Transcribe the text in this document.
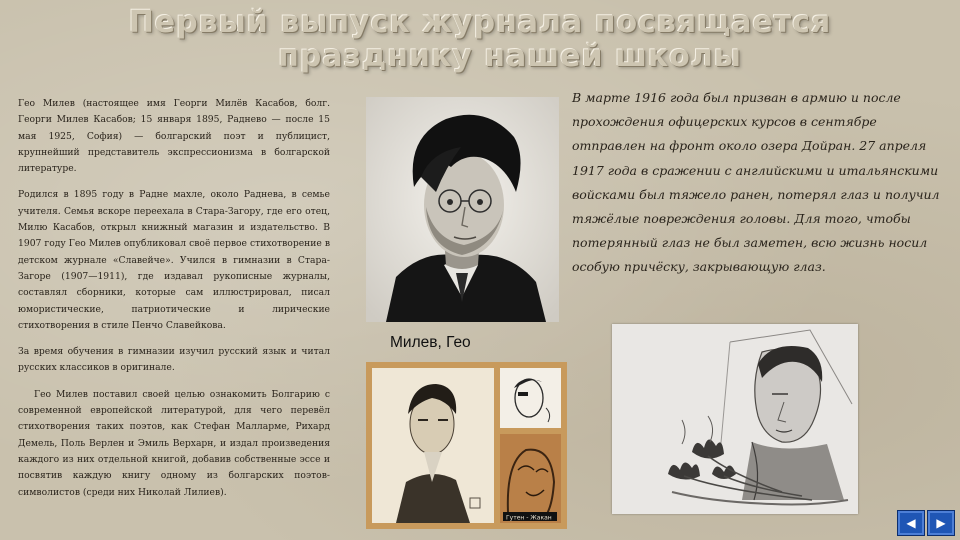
Первый выпуск журнала посвящается
празднику нашей школы

Гео Милев (настоящее имя Георги Милёв Касабов, болг. Георги Милев Касабов; 15 января 1895, Раднево — после 15 мая 1925, София) — болгарский поэт и публицист, крупнейший представитель экспрессионизма в болгарской литературе.

Родился в 1895 году в Радне махле, около Раднева, в семье учителя. Семья вскоре переехала в Стара-Загору, где его отец, Милю Касабов, открыл книжный магазин и издательство. В 1907 году Гео Милев опубликовал своё первое стихотворение в детском журнале «Славейче». Учился в гимназии в Стара-Загоре (1907—1911), где издавал рукописные журналы, составлял сборники, которые сам иллюстрировал, писал юмористические, патриотические и лирические стихотворения в стиле Пенчо Славейкова.

За время обучения в гимназии изучил русский язык и читал русских классиков в оригинале.

Гео Милев поставил своей целью ознакомить Болгарию с современной европейской литературой, для чего перевёл стихотворения таких поэтов, как Стефан Малларме, Рихард Демель, Поль Верлен и Эмиль Верхарн, и издал произведения каждого из них отдельной книгой, добавив собственные эссе и посвятив каждую книгу одному из болгарских поэтов-символистов (среди них Николай Лилиев).

В марте 1916 года был призван в армию и после прохождения офицерских курсов в сентябре отправлен на фронт около озера Дойран. 27 апреля 1917 года в сражении с английскими и итальянскими войсками был тяжело ранен, потерял глаз и получил тяжёлые повреждения головы. Для того, чтобы потерянный глаз не был заметен, всю жизнь носил особую причёску, закрывающую глаз.
Милев, Гео
Гутен - Жакан	◀ ▶
